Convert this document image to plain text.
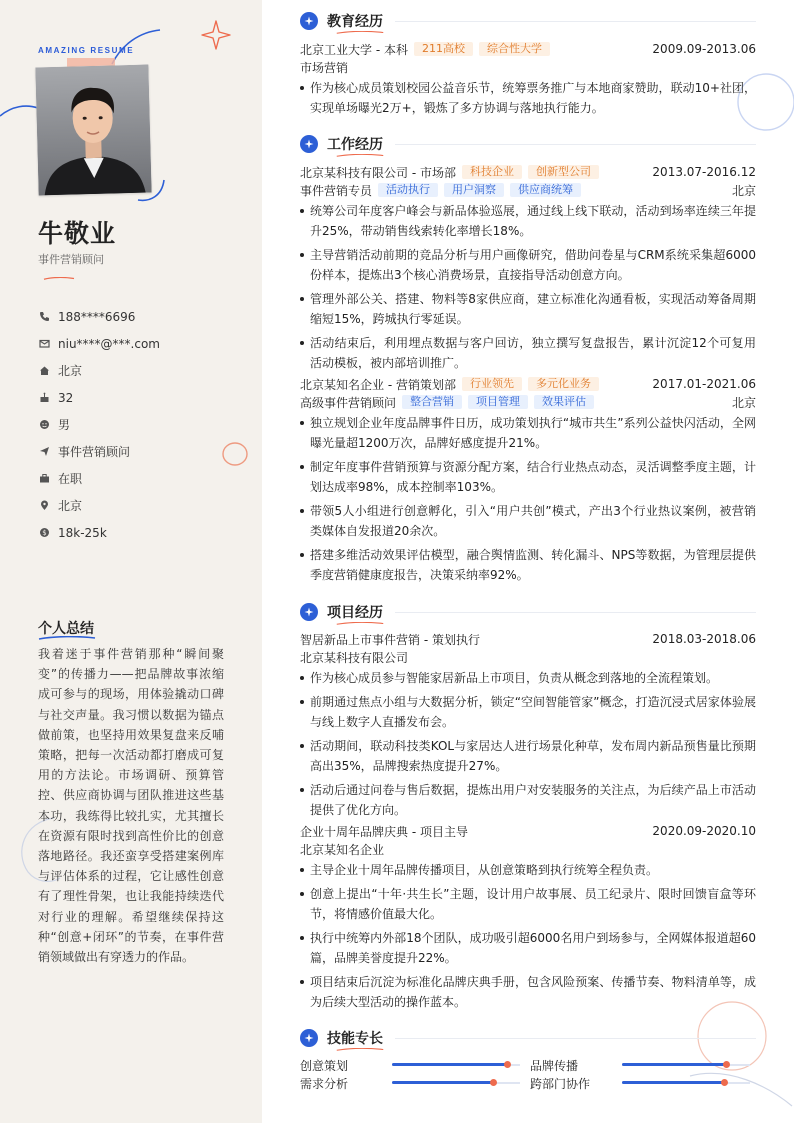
AMAZING RESUME
牛敬业
事件营销顾问
188****6696
niu****@***.com
北京
32
男
事件营销顾问
在职
北京
$ 18k-25k
个人总结
我着迷于事件营销那种“瞬间聚变”的传播力——把品牌故事浓缩成可参与的现场，用体验撬动口碑与社交声量。我习惯以数据为锚点做前策，也坚持用效果复盘来反哺策略，把每一次活动都打磨成可复用的方法论。市场调研、预算管控、供应商协调与团队推进这些基本功，我练得比较扎实，尤其擅长在资源有限时找到高性价比的创意落地路径。我还蛮享受搭建案例库与评估体系的过程，它让感性创意有了理性骨架，也让我能持续迭代对行业的理解。希望继续保持这种“创意+闭环”的节奏，在事件营销领域做出有穿透力的作品。
教育经历
北京工业大学 - 本科	211高校	综合性大学	2009.09-2013.06
市场营销
作为核心成员策划校园公益音乐节，统筹票务推广与本地商家赞助，联动10+社团，实现单场曝光2万+，锻炼了多方协调与落地执行能力。
工作经历
北京某科技有限公司 - 市场部	科技企业	创新型公司	2013.07-2016.12
事件营销专员	活动执行	用户洞察	供应商统筹	北京
统筹公司年度客户峰会与新品体验巡展，通过线上线下联动，活动到场率连续三年提升25%，带动销售线索转化率增长18%。
主导营销活动前期的竞品分析与用户画像研究，借助问卷星与CRM系统采集超6000份样本，提炼出3个核心消费场景，直接指导活动创意方向。
管理外部公关、搭建、物料等8家供应商，建立标准化沟通看板，实现活动筹备周期缩短15%，跨城执行零延误。
活动结束后，利用埋点数据与客户回访，独立撰写复盘报告，累计沉淀12个可复用活动模板，被内部培训推广。
北京某知名企业 - 营销策划部	行业领先	多元化业务	2017.01-2021.06
高级事件营销顾问	整合营销	项目管理	效果评估	北京
独立规划企业年度品牌事件日历，成功策划执行“城市共生”系列公益快闪活动，全网曝光量超1200万次，品牌好感度提升21%。
制定年度事件营销预算与资源分配方案，结合行业热点动态，灵活调整季度主题，计划达成率98%，成本控制率103%。
带领5人小组进行创意孵化，引入“用户共创”模式，产出3个行业热议案例，被营销类媒体自发报道20余次。
搭建多维活动效果评估模型，融合舆情监测、转化漏斗、NPS等数据，为管理层提供季度营销健康度报告，决策采纳率92%。
项目经历
智居新品上市事件营销 - 策划执行	2018.03-2018.06
北京某科技有限公司
作为核心成员参与智能家居新品上市项目，负责从概念到落地的全流程策划。
前期通过焦点小组与大数据分析，锁定“空间智能管家”概念，打造沉浸式居家体验展与线上数字人直播发布会。
活动期间，联动科技类KOL与家居达人进行场景化种草，发布周内新品预售量比预期高出35%，品牌搜索热度提升27%。
活动后通过问卷与售后数据，提炼出用户对安装服务的关注点，为后续产品上市活动提供了优化方向。
企业十周年品牌庆典 - 项目主导	2020.09-2020.10
北京某知名企业
主导企业十周年品牌传播项目，从创意策略到执行统筹全程负责。
创意上提出“十年·共生长”主题，设计用户故事展、员工纪录片、限时回馈盲盒等环节，将情感价值最大化。
执行中统筹内外部18个团队，成功吸引超6000名用户到场参与，全网媒体报道超60篇，品牌美誉度提升22%。
项目结束后沉淀为标准化品牌庆典手册，包含风险预案、传播节奏、物料清单等，成为后续大型活动的操作蓝本。
技能专长
创意策划	品牌传播
需求分析	跨部门协作
